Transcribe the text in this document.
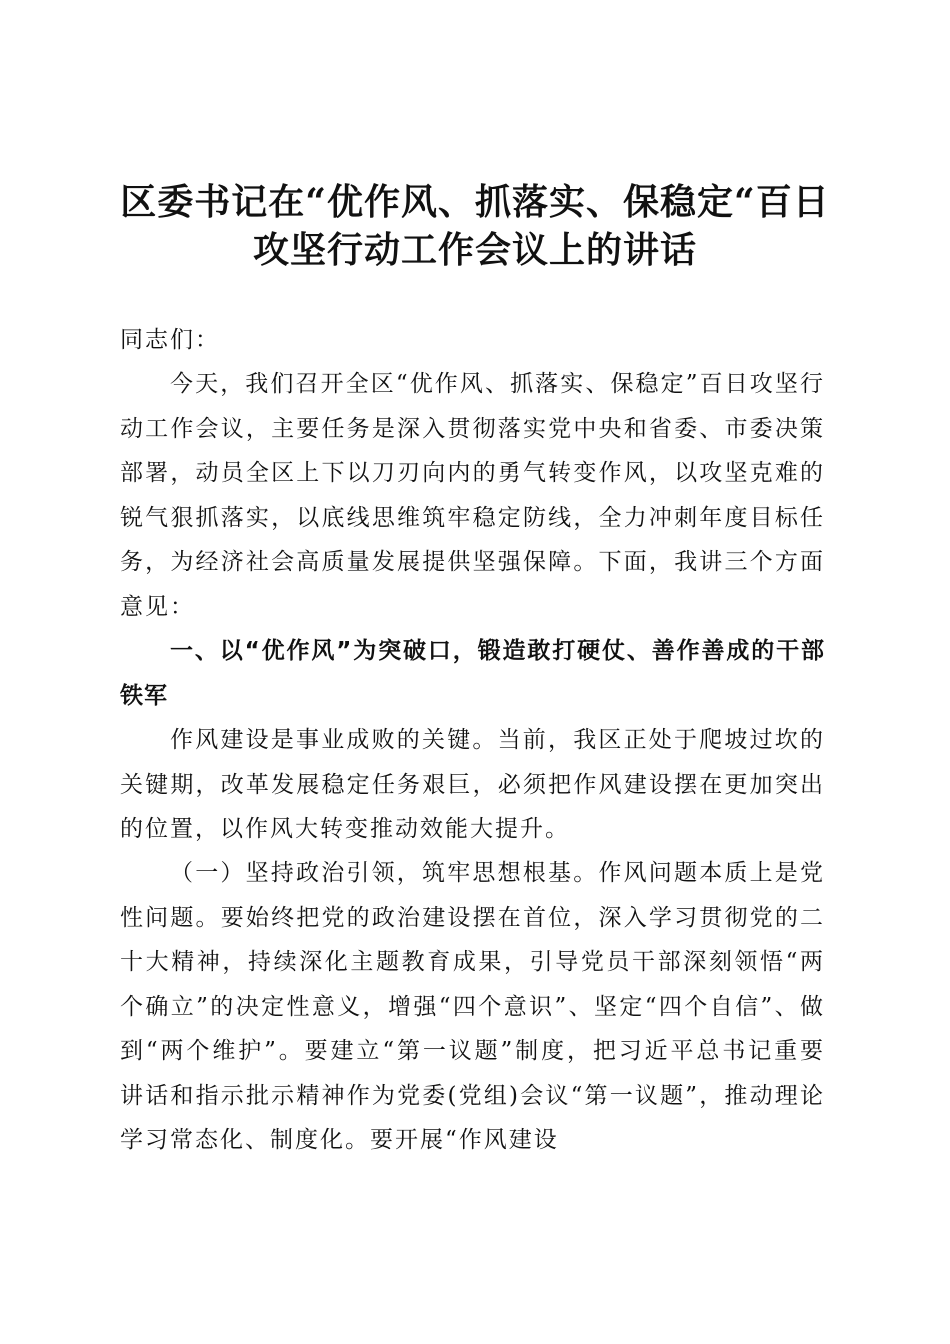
区委书记在“优作风、抓落实、保稳定“百日
攻坚行动工作会议上的讲话

同志们：

今天，我们召开全区“优作风、抓落实、保稳定”百日攻坚行动工作会议，主要任务是深入贯彻落实党中央和省委、市委决策部署，动员全区上下以刀刃向内的勇气转变作风，以攻坚克难的锐气狠抓落实，以底线思维筑牢稳定防线，全力冲刺年度目标任务，为经济社会高质量发展提供坚强保障。下面，我讲三个方面意见：

一、以“优作风”为突破口，锻造敢打硬仗、善作善成的干部铁军

作风建设是事业成败的关键。当前，我区正处于爬坡过坎的关键期，改革发展稳定任务艰巨，必须把作风建设摆在更加突出的位置，以作风大转变推动效能大提升。

（一）坚持政治引领，筑牢思想根基。作风问题本质上是党性问题。要始终把党的政治建设摆在首位，深入学习贯彻党的二十大精神，持续深化主题教育成果，引导党员干部深刻领悟“两个确立”的决定性意义，增强“四个意识”、坚定“四个自信”、做到“两个维护”。要建立“第一议题”制度，把习近平总书记重要讲话和指示批示精神作为党委(党组)会议“第一议题”，推动理论学习常态化、制度化。要开展“作风建设
